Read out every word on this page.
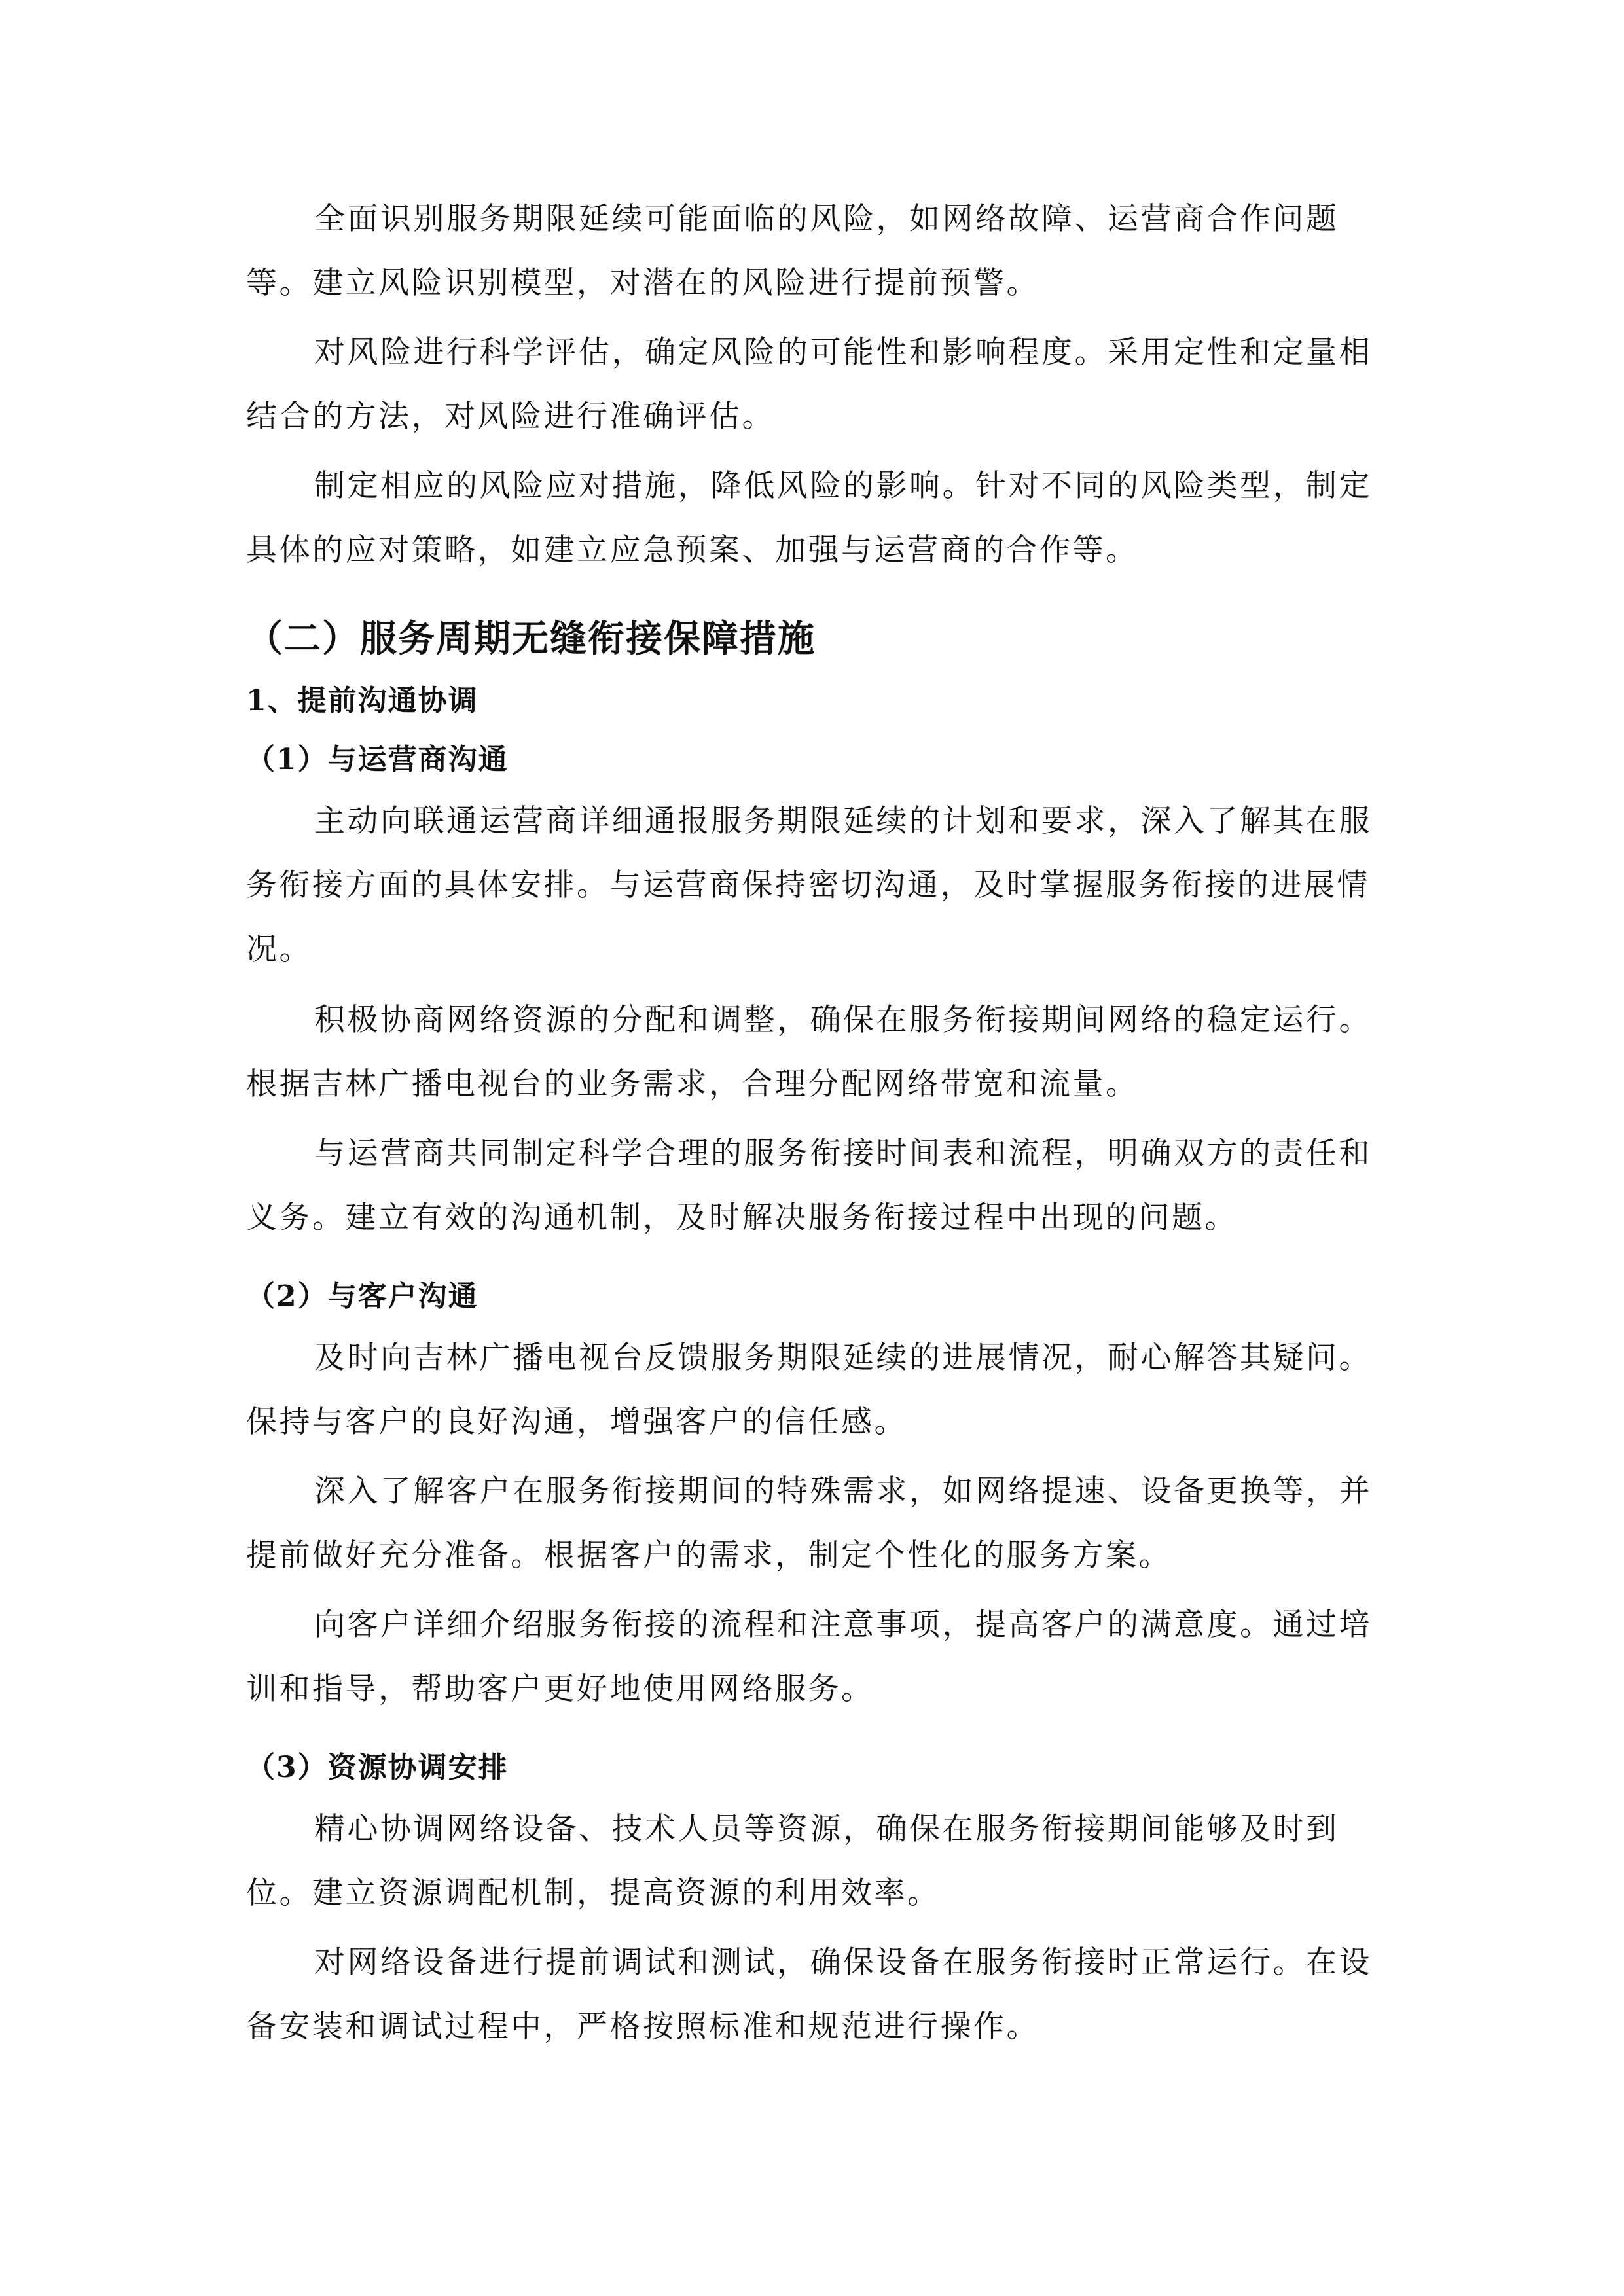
全面识别服务期限延续可能面临的风险，如网络故障、运营商合作问题等。建立风险识别模型，对潜在的风险进行提前预警。

对风险进行科学评估，确定风险的可能性和影响程度。采用定性和定量相结合的方法，对风险进行准确评估。

制定相应的风险应对措施，降低风险的影响。针对不同的风险类型，制定具体的应对策略，如建立应急预案、加强与运营商的合作等。

（二）服务周期无缝衔接保障措施
1、提前沟通协调
（1）与运营商沟通

主动向联通运营商详细通报服务期限延续的计划和要求，深入了解其在服务衔接方面的具体安排。与运营商保持密切沟通，及时掌握服务衔接的进展情况。

积极协商网络资源的分配和调整，确保在服务衔接期间网络的稳定运行。根据吉林广播电视台的业务需求，合理分配网络带宽和流量。

与运营商共同制定科学合理的服务衔接时间表和流程，明确双方的责任和义务。建立有效的沟通机制，及时解决服务衔接过程中出现的问题。

（2）与客户沟通

及时向吉林广播电视台反馈服务期限延续的进展情况，耐心解答其疑问。保持与客户的良好沟通，增强客户的信任感。

深入了解客户在服务衔接期间的特殊需求，如网络提速、设备更换等，并提前做好充分准备。根据客户的需求，制定个性化的服务方案。

向客户详细介绍服务衔接的流程和注意事项，提高客户的满意度。通过培训和指导，帮助客户更好地使用网络服务。

（3）资源协调安排

精心协调网络设备、技术人员等资源，确保在服务衔接期间能够及时到位。建立资源调配机制，提高资源的利用效率。

对网络设备进行提前调试和测试，确保设备在服务衔接时正常运行。在设备安装和调试过程中，严格按照标准和规范进行操作。
